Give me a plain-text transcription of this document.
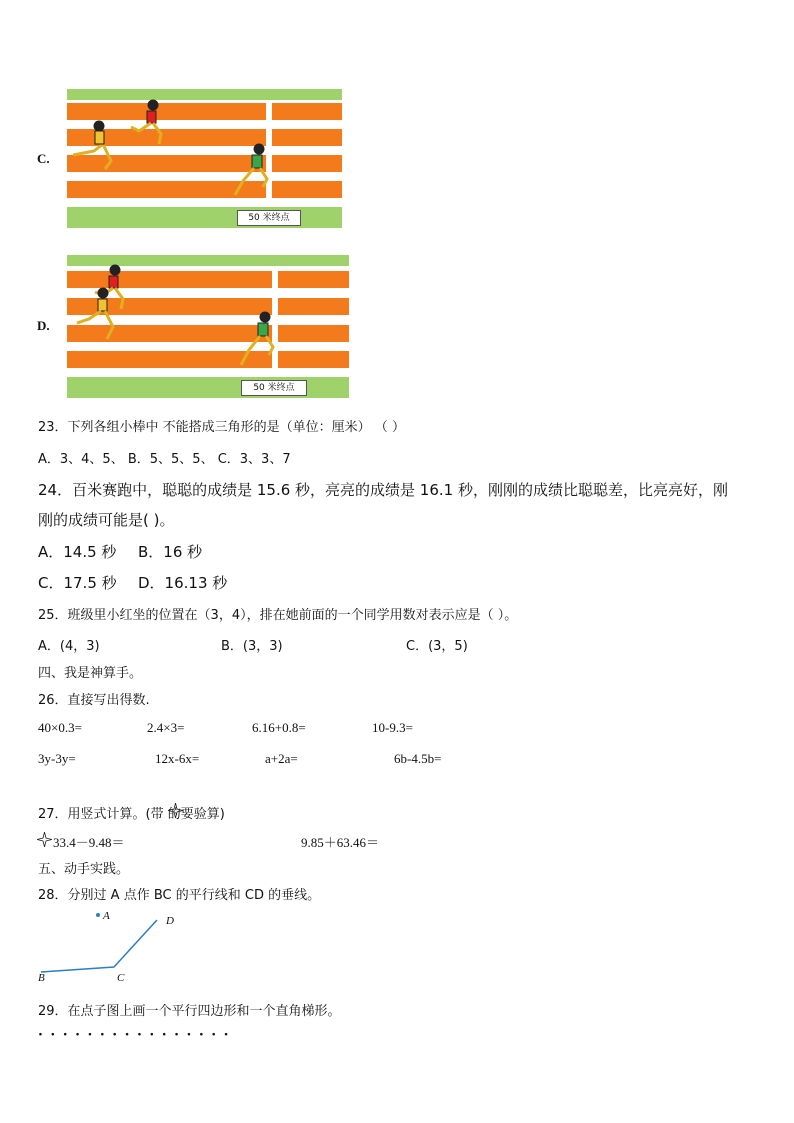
C.
50 米终点
D.
50 米终点
23．下列各组小棒中 不能搭成三角形的是（单位：厘米） （ ）
A．3、4、5、 B．5、5、5、 C．3、3、7
24．百米赛跑中，聪聪的成绩是 15.6 秒，亮亮的成绩是 16.1 秒，刚刚的成绩比聪聪差，比亮亮好，刚
刚的成绩可能是( )。
A．14.5 秒 B．16 秒
C．17.5 秒 D．16.13 秒
25．班级里小红坐的位置在（3，4），排在她前面的一个同学用数对表示应是（ ）。
A．(4，3)	B．(3，3)	C．(3，5)
四、我是神算手。
26．直接写出得数.
40×0.3=	2.4×3=	6.16+0.8=	10-9.3=
3y-3y=	12x-6x=	a+2a=	6b-4.5b=
27．用竖式计算。(带 的要验算)
33.4－9.48＝	9.85＋63.46＝
五、动手实践。
28．分别过 A 点作 BC 的平行线和 CD 的垂线。
A	D
B	C
29．在点子图上画一个平行四边形和一个直角梯形。
················
